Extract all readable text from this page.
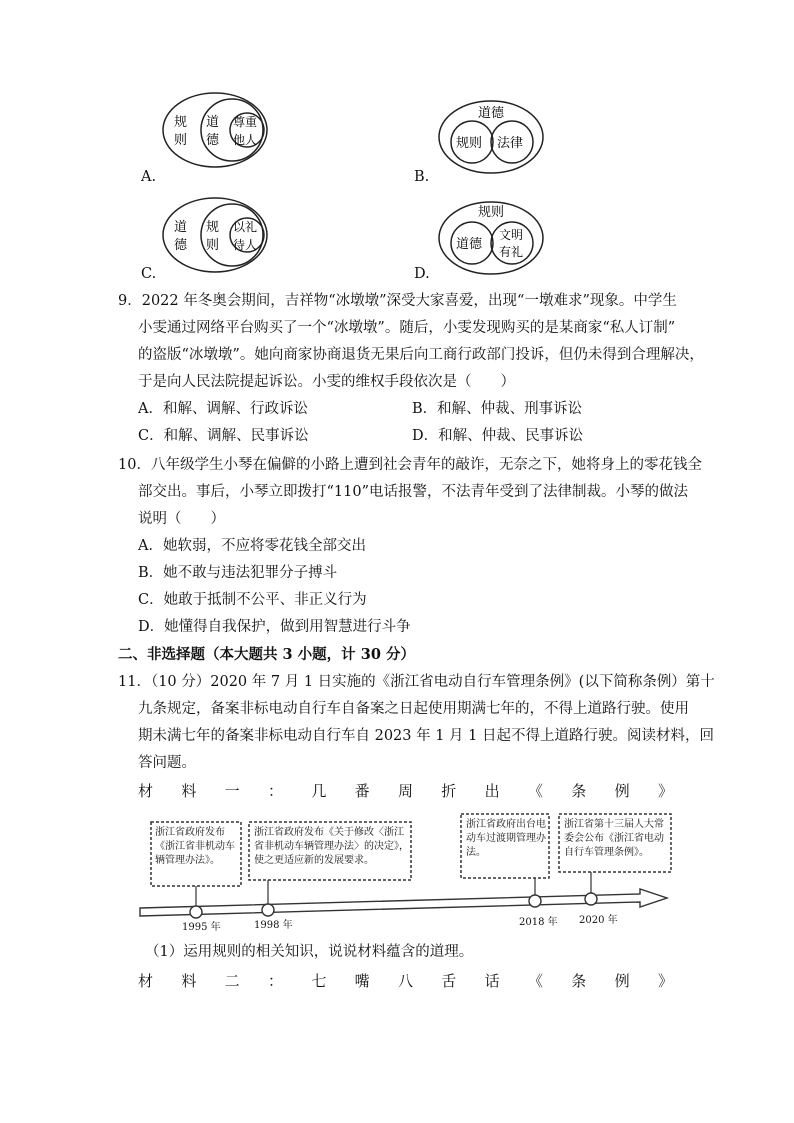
规
则
道
德
尊重
他人
A.
道德
规则 法律
B.
道
德
规
则
以礼
待人
C.
规则
道德
文明
有礼
D.
9．2022 年冬奥会期间，吉祥物“冰墩墩”深受大家喜爱，出现“一墩难求”现象。中学生
小雯通过网络平台购买了一个“冰墩墩”。随后，小雯发现购买的是某商家“私人订制”
的盗版“冰墩墩”。她向商家协商退货无果后向工商行政部门投诉，但仍未得到合理解决，
于是向人民法院提起诉讼。小雯的维权手段依次是（　　）
A．和解、调解、行政诉讼	B．和解、仲裁、刑事诉讼
C．和解、调解、民事诉讼	D．和解、仲裁、民事诉讼
10．八年级学生小琴在偏僻的小路上遭到社会青年的敲诈，无奈之下，她将身上的零花钱全
部交出。事后，小琴立即拨打“110”电话报警，不法青年受到了法律制裁。小琴的做法
说明（　　）
A．她软弱，不应将零花钱全部交出
B．她不敢与违法犯罪分子搏斗
C．她敢于抵制不公平、非正义行为
D．她懂得自我保护，做到用智慧进行斗争
二、非选择题（本大题共 3 小题，计 30 分）
11．（10 分）2020 年 7 月 1 日实施的《浙江省电动自行车管理条例》(以下简称条例）第十
九条规定，备案非标电动自行车自备案之日起使用期满七年的，不得上道路行驶。使用
期未满七年的备案非标电动自行车自 2023 年 1 月 1 日起不得上道路行驶。阅读材料，回
答问题。
材 料 一 ： 几 番 周 折 出 《 条 例 》
浙江省政府发布《浙江省非机动车辆管理办法》。
浙江省政府发布《关于修改〈浙江省非机动车辆管理办法〉的决定》，使之更适应新的发展要求。
浙江省政府出台电动车过渡期管理办法。
浙江省第十三届人大常委会公布《浙江省电动自行车管理条例》。
1995 年	1998 年	2018 年 2020 年
（1）运用规则的相关知识，说说材料蕴含的道理。
材 料 二 ： 七 嘴 八 舌 话 《 条 例 》
